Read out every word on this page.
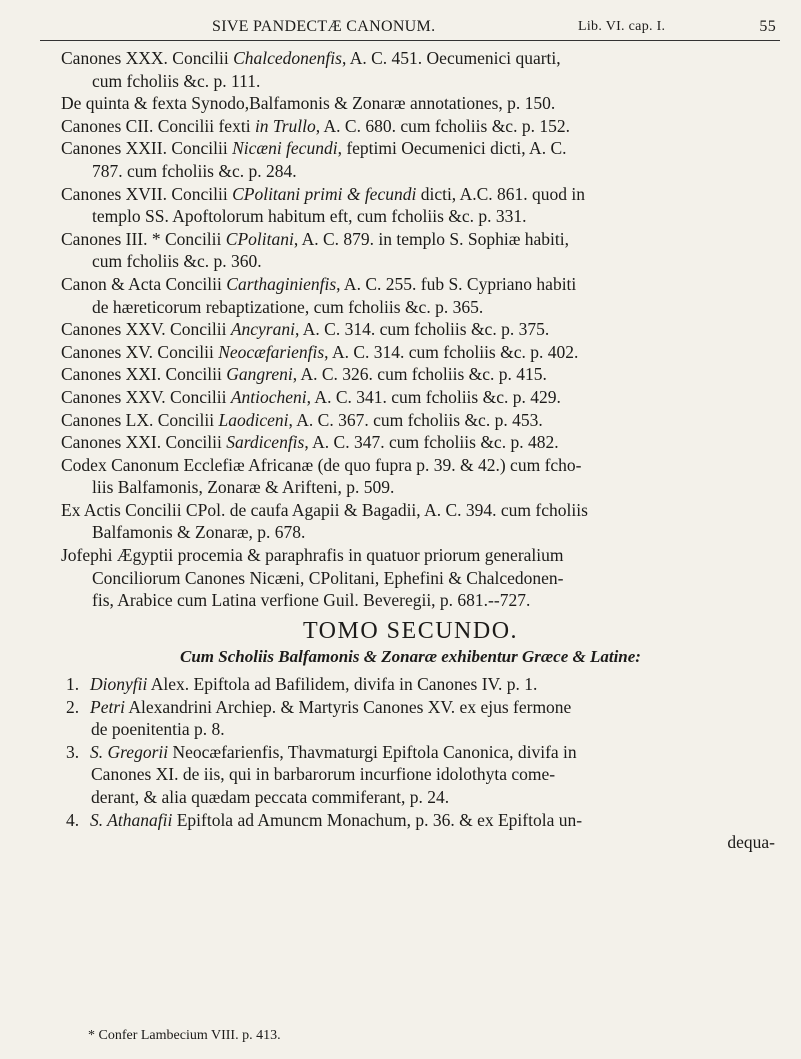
SIVE PANDECTÆ CANONUM.	Lib. VI. cap. I.	55
Canones XXX. Concilii Chalcedonenfis, A. C. 451. Oecumenici quarti,
cum fcholiis &c. p. 111.
De quinta & fexta Synodo,Balfamonis & Zonaræ annotationes, p. 150.
Canones CII. Concilii fexti in Trullo, A. C. 680. cum fcholiis &c. p. 152.
Canones XXII. Concilii Nicæni fecundi, feptimi Oecumenici dicti, A. C.
787. cum fcholiis &c. p. 284.
Canones XVII. Concilii CPolitani primi & fecundi dicti, A.C. 861. quod in
templo SS. Apoftolorum habitum eft, cum fcholiis &c. p. 331.
Canones III. * Concilii CPolitani, A. C. 879. in templo S. Sophiæ habiti,
cum fcholiis &c. p. 360.
Canon & Acta Concilii Carthaginienfis, A. C. 255. fub S. Cypriano habiti
de hæreticorum rebaptizatione, cum fcholiis &c. p. 365.
Canones XXV. Concilii Ancyrani, A. C. 314. cum fcholiis &c. p. 375.
Canones XV. Concilii Neocæfarienfis, A. C. 314. cum fcholiis &c. p. 402.
Canones XXI. Concilii Gangreni, A. C. 326. cum fcholiis &c. p. 415.
Canones XXV. Concilii Antiocheni, A. C. 341. cum fcholiis &c. p. 429.
Canones LX. Concilii Laodiceni, A. C. 367. cum fcholiis &c. p. 453.
Canones XXI. Concilii Sardicenfis, A. C. 347. cum fcholiis &c. p. 482.
Codex Canonum Ecclefiæ Africanæ (de quo fupra p. 39. & 42.) cum fcho-
liis Balfamonis, Zonaræ & Arifteni, p. 509.
Ex Actis Concilii CPol. de caufa Agapii & Bagadii, A. C. 394. cum fcholiis
Balfamonis & Zonaræ, p. 678.
Jofephi Ægyptii procemia & paraphrafis in quatuor priorum generalium
Conciliorum Canones Nicæni, CPolitani, Ephefini & Chalcedonen-
fis, Arabice cum Latina verfione Guil. Beveregii, p. 681.--727.
TOMO SECUNDO.
Cum Scholiis Balfamonis & Zonaræ exhibentur Græce & Latine:
1. Dionyfii Alex. Epiftola ad Bafilidem, divifa in Canones IV. p. 1.
2. Petri Alexandrini Archiep. & Martyris Canones XV. ex ejus fermone
de poenitentia p. 8.
3. S. Gregorii Neocæfarienfis, Thavmaturgi Epiftola Canonica, divifa in
Canones XI. de iis, qui in barbarorum incurfione idolothyta come-
derant, & alia quædam peccata commiferant, p. 24.
4. S. Athanafii Epiftola ad Amuncm Monachum, p. 36. & ex Epiftola un-
dequa-
* Confer Lambecium VIII. p. 413.
